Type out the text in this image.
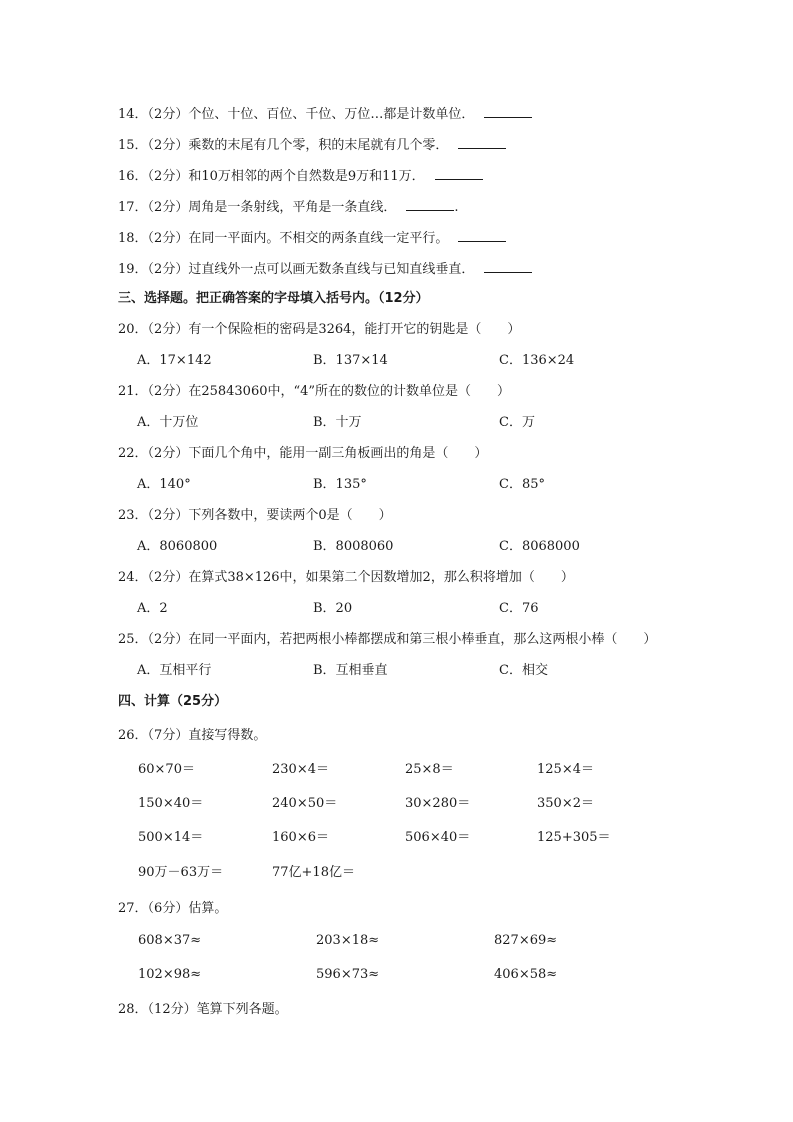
14．（2分）个位、十位、百位、千位、万位…都是计数单位．
15．（2分）乘数的末尾有几个零，积的末尾就有几个零．
16．（2分）和10万相邻的两个自然数是9万和11万．
17．（2分）周角是一条射线，平角是一条直线．	.
18．（2分）在同一平面内。不相交的两条直线一定平行。
19．（2分）过直线外一点可以画无数条直线与已知直线垂直．
三、选择题。把正确答案的字母填入括号内。（12分）
20．（2分）有一个保险柜的密码是3264，能打开它的钥匙是（　　）
A．17×142	B．137×14	C．136×24
21．（2分）在25843060中，“4”所在的数位的计数单位是（　　）
A．十万位	B．十万	C．万
22．（2分）下面几个角中，能用一副三角板画出的角是（　　）
A．140°	B．135°	C．85°
23．（2分）下列各数中，要读两个0是（　　）
A．8060800	B．8008060	C．8068000
24．（2分）在算式38×126中，如果第二个因数增加2，那么积将增加（　　）
A．2	B．20	C．76
25．（2分）在同一平面内，若把两根小棒都摆成和第三根小棒垂直，那么这两根小棒（　　）
A．互相平行	B．互相垂直	C．相交
四、计算（25分）
26．（7分）直接写得数。
60×70＝	230×4＝	25×8＝	125×4＝
150×40＝	240×50＝	30×280＝	350×2＝
500×14＝	160×6＝	506×40＝	125+305＝
90万－63万＝	77亿+18亿＝
27．（6分）估算。
608×37≈	203×18≈	827×69≈
102×98≈	596×73≈	406×58≈
28．（12分）笔算下列各题。
